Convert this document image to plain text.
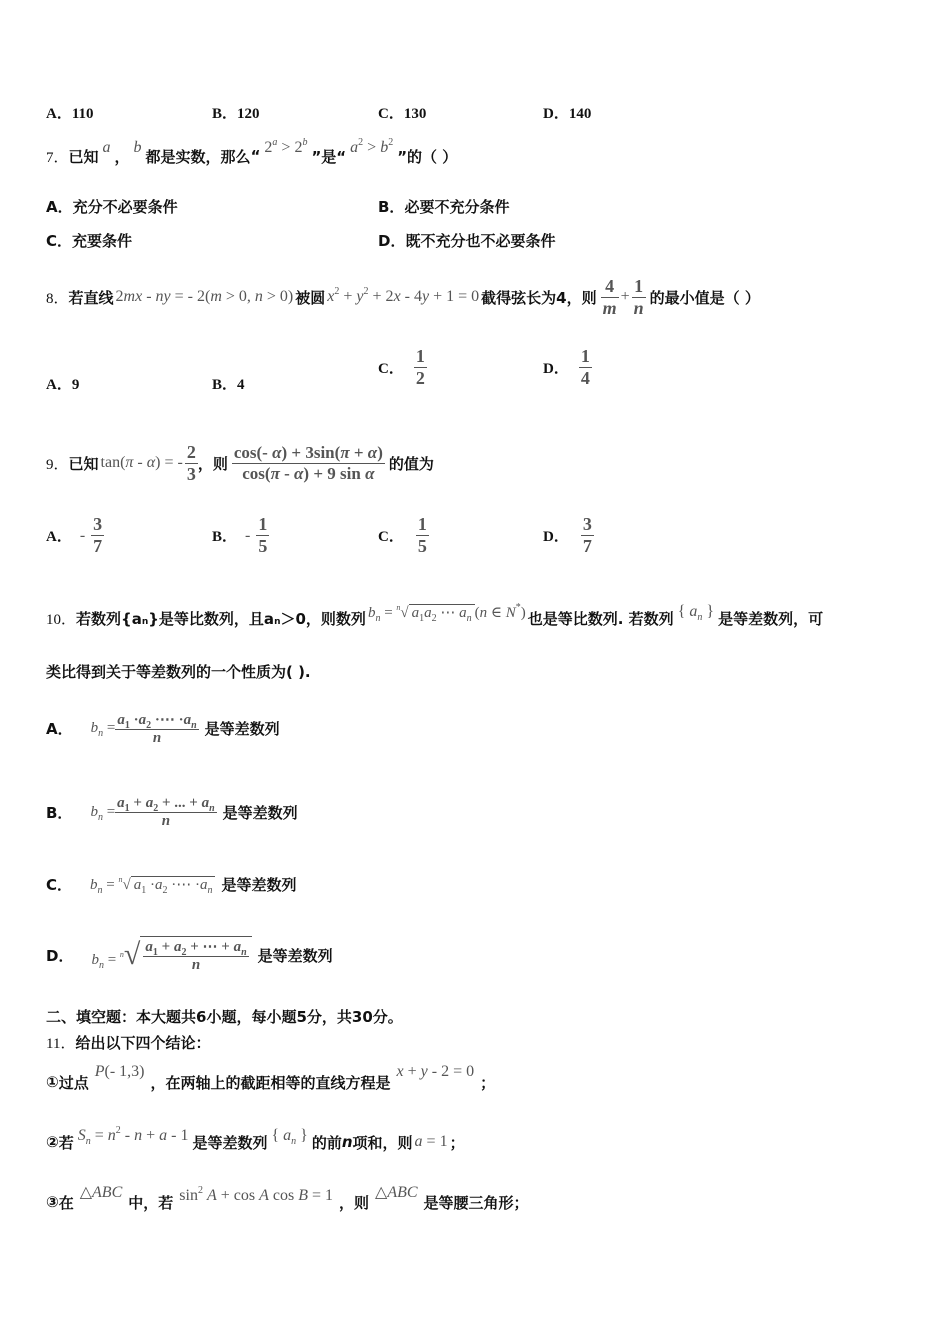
A．110	B．120	C．130	D．140
7． 已知 a ， b 都是实数，那么 “ $2^a > 2^b$
”是“ $a^2 > b^2$
”的（ ）
A．充分不必要条件	B．必要不充分条件
C．充要条件	D．既不充分也不必要条件
8． 若直线 2mx - ny = - 2(m > 0, n > 0) 被圆 $x^2 + y^2 + 2x - 4y + 1 = 0$ 截得弦长为4，则 $\frac{4}{m} + \frac{1}{n}$ 的最小值是（ ）
A．9	B．4
C． $\frac{1}{2}$	D． $\frac{1}{4}$
9． 已知 tan(π - α) = - $\frac{2}{3}$ ，则 $\frac{\cos(- \alpha) + 3\sin(\pi + \alpha)}{\text{cos(π - α) + 9 sin α}}$ 的值为
A． - $\frac{3}{7}$	B． - $\frac{1}{5}$	C． $\frac{1}{5}$	D． $\frac{3}{7}$
10． 若数列{a n }是等比数列，且a n ＞0，则数列 $b_n = ^n√$ $a_1a_2$ ⋯ $a_n$ (n ∈ N*) 也是等比数列. 若数列 { $a_n$ } 是等差数列，可
类比得到关于等差数列的一个性质为( ).
A． $b_n = \frac{a_1 \cdot a_2 \cdot\cdots \cdot a_n}{n}$ 是等差数列
B． $b_n = \frac{a_1 + a_2 + ... + a_n}{n}$ 是等差数列
C． $b_n = ^n√$ $a_1 \cdot a_2$ ·⋯ $\cdot a_n$ 是等差数列
D． $b_n = ^n√ \frac{a_1 + a_2 + \cdots + a_n}{n}$ 是等差数列
二、填空题：本大题共6小题，每小题5分，共30分。
11．给出以下四个结论：
① 过点
P(- 1,3)
，在两轴上的截距相等的直线方程是
x + y - 2 = 0
；
② 若 $S_n = n^2 - n + a - 1$ 是等差数列 { $a_n$ } 的前 n 项和，则 a = 1 ；
③ 在
△ABC
中，若 $\sin^2 A + \cos A$ cos B = 1 ，则
△ABC
是等腰三角形；
